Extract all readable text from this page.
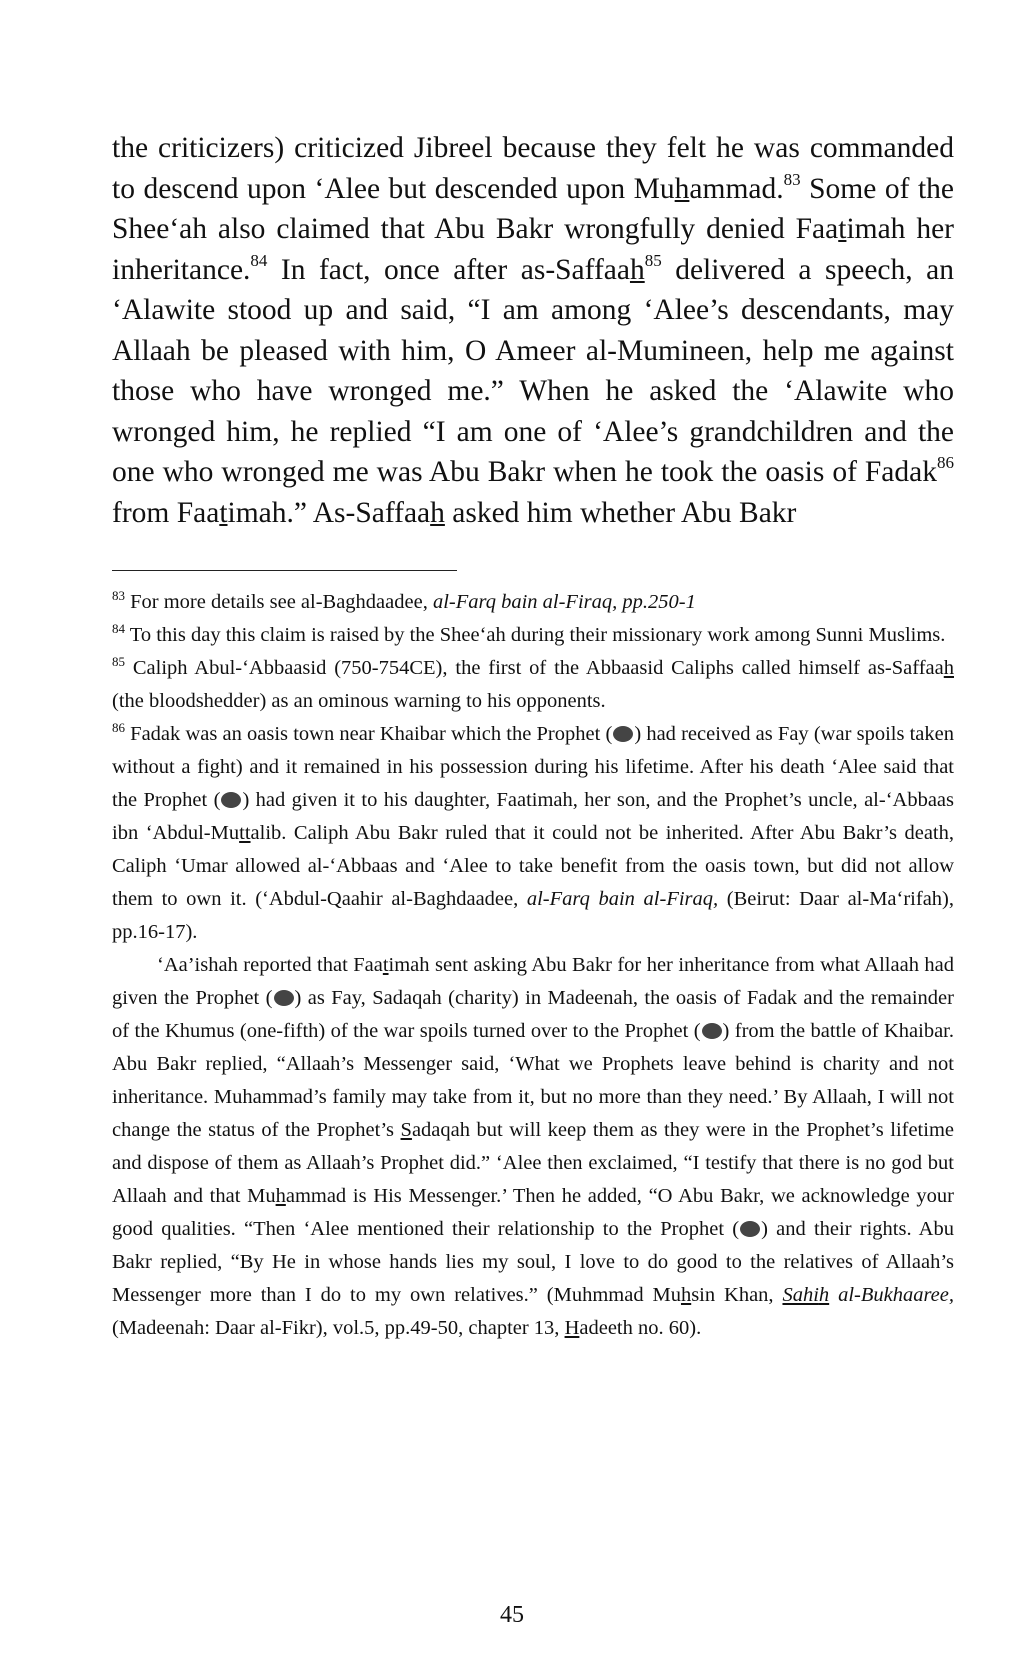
the criticizers) criticized Jibreel because they felt he was commanded to descend upon ‘Alee but descended upon Muhammad.$^{83}$ Some of the Shee‘ah also claimed that Abu Bakr wrongfully denied Faatimah her inheritance.$^{84}$ In fact, once after as-Saffaah$^{85}$ delivered a speech, an ‘Alawite stood up and said, “I am among ‘Alee’s descendants, may Allaah be pleased with him, O Ameer al-Mumineen, help me against those who have wronged me.” When he asked the ‘Alawite who wronged him, he replied “I am one of ‘Alee’s grandchildren and the one who wronged me was Abu Bakr when he took the oasis of Fadak$^{86}$ from Faatimah.” As-Saffaah asked him whether Abu Bakr

$^{83}$ For more details see al-Baghdaadee, al-Farq bain al-Firaq, pp.250-1

$^{84}$ To this day this claim is raised by the Shee‘ah during their missionary work among Sunni Muslims.

$^{85}$ Caliph Abul-‘Abbaasid (750-754CE), the first of the Abbaasid Caliphs called himself as-Saffaah (the bloodshedder) as an ominous warning to his opponents.

$^{86}$ Fadak was an oasis town near Khaibar which the Prophet ( ) had received as Fay (war spoils taken without a fight) and it remained in his possession during his lifetime. After his death ‘Alee said that the Prophet ( ) had given it to his daughter, Faatimah, her son, and the Prophet’s uncle, al-‘Abbaas ibn ‘Abdul-Muttalib. Caliph Abu Bakr ruled that it could not be inherited. After Abu Bakr’s death, Caliph ‘Umar allowed al-‘Abbaas and ‘Alee to take benefit from the oasis town, but did not allow them to own it. (‘Abdul-Qaahir al-Baghdaadee, al-Farq bain al-Firaq, (Beirut: Daar al-Ma‘rifah), pp.16-17).

‘Aa’ishah reported that Faatimah sent asking Abu Bakr for her inheritance from what Allaah had given the Prophet ( ) as Fay, Sadaqah (charity) in Madeenah, the oasis of Fadak and the remainder of the Khumus (one-fifth) of the war spoils turned over to the Prophet ( ) from the battle of Khaibar. Abu Bakr replied, “Allaah’s Messenger said, ‘What we Prophets leave behind is charity and not inheritance. Muhammad’s family may take from it, but no more than they need.’ By Allaah, I will not change the status of the Prophet’s Sadaqah but will keep them as they were in the Prophet’s lifetime and dispose of them as Allaah’s Prophet did.” ‘Alee then exclaimed, “I testify that there is no god but Allaah and that Muhammad is His Messenger.’ Then he added, “O Abu Bakr, we acknowledge your good qualities. “Then ‘Alee mentioned their relationship to the Prophet ( ) and their rights. Abu Bakr replied, “By He in whose hands lies my soul, I love to do good to the relatives of Allaah’s Messenger more than I do to my own relatives.” (Muhmmad Muhsin Khan, Sahih al-Bukhaaree, (Madeenah: Daar al-Fikr), vol.5, pp.49-50, chapter 13, Hadeeth no. 60).

45
